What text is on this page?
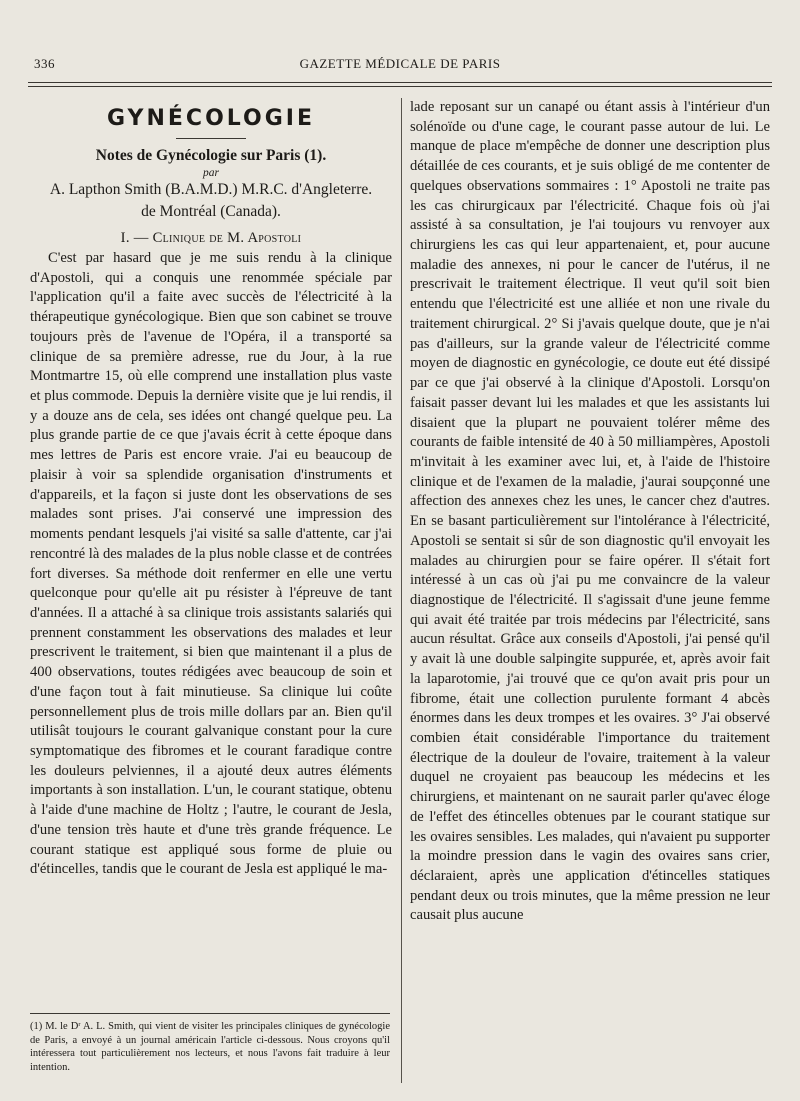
336	GAZETTE MÉDICALE DE PARIS
GYNÉCOLOGIE
Notes de Gynécologie sur Paris (1).
par
A. Lapthon Smith (B.A.M.D.) M.R.C. d'Angleterre.
de Montréal (Canada).
I. — Clinique de M. Apostoli

C'est par hasard que je me suis rendu à la clinique d'Apostoli, qui a conquis une renommée spéciale par l'application qu'il a faite avec succès de l'électricité à la thérapeutique gynécologique. Bien que son cabinet se trouve toujours près de l'avenue de l'Opéra, il a transporté sa clinique de sa première adresse, rue du Jour, à la rue Montmartre 15, où elle comprend une installation plus vaste et plus commode. Depuis la dernière visite que je lui rendis, il y a douze ans de cela, ses idées ont changé quelque peu. La plus grande partie de ce que j'avais écrit à cette époque dans mes lettres de Paris est encore vraie. J'ai eu beaucoup de plaisir à voir sa splendide organisation d'instruments et d'appareils, et la façon si juste dont les observations de ses malades sont prises. J'ai conservé une impression des moments pendant lesquels j'ai visité sa salle d'attente, car j'ai rencontré là des malades de la plus noble classe et de contrées fort diverses. Sa méthode doit renfermer en elle une vertu quelconque pour qu'elle ait pu résister à l'épreuve de tant d'années. Il a attaché à sa clinique trois assistants salariés qui prennent constamment les observations des malades et leur prescrivent le traitement, si bien que maintenant il a plus de 400 observations, toutes rédigées avec beaucoup de soin et d'une façon tout à fait minutieuse. Sa clinique lui coûte personnellement plus de trois mille dollars par an. Bien qu'il utilisât toujours le courant galvanique constant pour la cure symptomatique des fibromes et le courant faradique contre les douleurs pelviennes, il a ajouté deux autres éléments importants à son installation. L'un, le courant statique, obtenu à l'aide d'une machine de Holtz ; l'autre, le courant de Jesla, d'une tension très haute et d'une très grande fréquence. Le courant statique est appliqué sous forme de pluie ou d'étincelles, tandis que le courant de Jesla est appliqué le ma-

lade reposant sur un canapé ou étant assis à l'intérieur d'un solénoïde ou d'une cage, le courant passe autour de lui. Le manque de place m'empêche de donner une description plus détaillée de ces courants, et je suis obligé de me contenter de quelques observations sommaires : 1° Apostoli ne traite pas les cas chirurgicaux par l'électricité. Chaque fois où j'ai assisté à sa consultation, je l'ai toujours vu renvoyer aux chirurgiens les cas qui leur appartenaient, et, pour aucune maladie des annexes, ni pour le cancer de l'utérus, il ne prescrivait le traitement électrique. Il veut qu'il soit bien entendu que l'électricité est une alliée et non une rivale du traitement chirurgical. 2° Si j'avais quelque doute, que je n'ai pas d'ailleurs, sur la grande valeur de l'électricité comme moyen de diagnostic en gynécologie, ce doute eut été dissipé par ce que j'ai observé à la clinique d'Apostoli. Lorsqu'on faisait passer devant lui les malades et que les assistants lui disaient que la plupart ne pouvaient tolérer même des courants de faible intensité de 40 à 50 milliampères, Apostoli m'invitait à les examiner avec lui, et, à l'aide de l'histoire clinique et de l'examen de la maladie, j'aurai soupçonné une affection des annexes chez les unes, le cancer chez d'autres. En se basant particulièrement sur l'intolérance à l'électricité, Apostoli se sentait si sûr de son diagnostic qu'il envoyait les malades au chirurgien pour se faire opérer. Il s'était fort intéressé à un cas où j'ai pu me convaincre de la valeur diagnostique de l'électricité. Il s'agissait d'une jeune femme qui avait été traitée par trois médecins par l'électricité, sans aucun résultat. Grâce aux conseils d'Apostoli, j'ai pensé qu'il y avait là une double salpingite suppurée, et, après avoir fait la laparotomie, j'ai trouvé que ce qu'on avait pris pour un fibrome, était une collection purulente formant 4 abcès énormes dans les deux trompes et les ovaires. 3° J'ai observé combien était considérable l'importance du traitement électrique de la douleur de l'ovaire, traitement à la valeur duquel ne croyaient pas beaucoup les médecins et les chirurgiens, et maintenant on ne saurait parler qu'avec éloge de l'effet des étincelles obtenues par le courant statique sur les ovaires sensibles. Les malades, qui n'avaient pu supporter la moindre pression dans le vagin des ovaires sans crier, déclaraient, après une application d'étincelles statiques pendant deux ou trois minutes, que la même pression ne leur causait plus aucune

(1) M. le Dʳ A. L. Smith, qui vient de visiter les principales cliniques de gynécologie de Paris, a envoyé à un journal américain l'article ci-dessous. Nous croyons qu'il intéressera tout particulièrement nos lecteurs, et nous l'avons fait traduire à leur intention.
